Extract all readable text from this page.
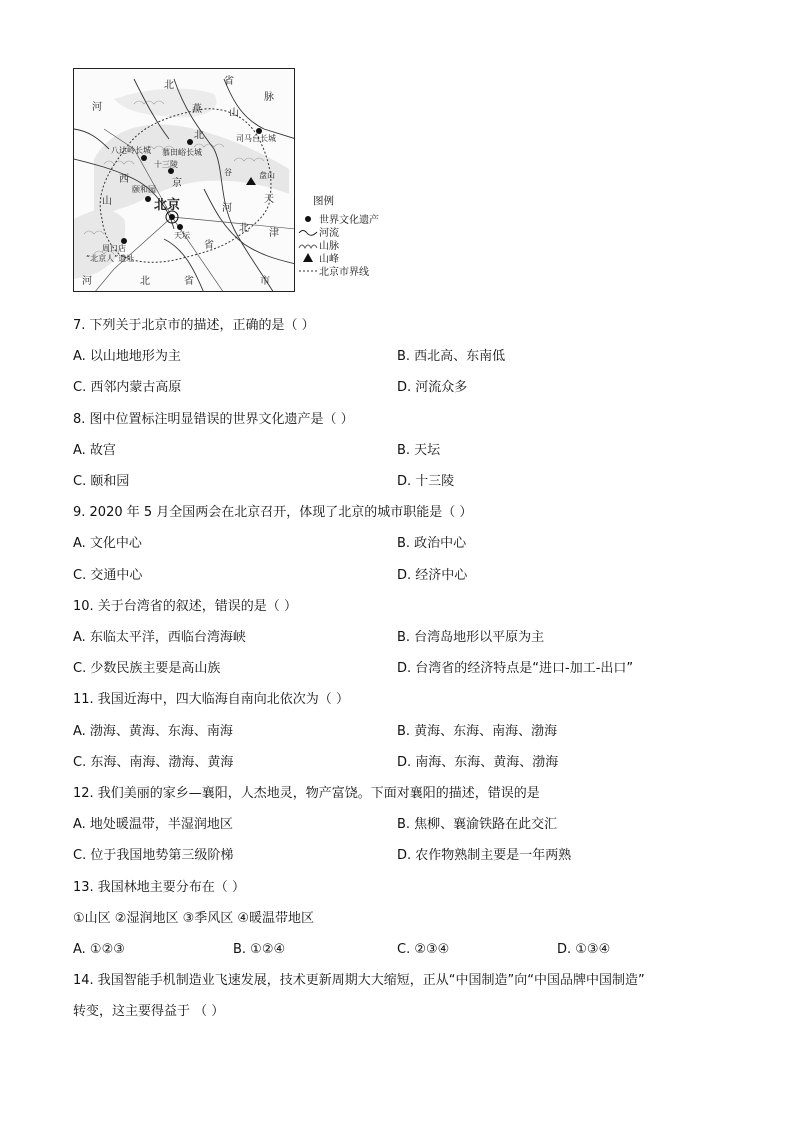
北	省
河	燕	山
脉
八达岭长城 慕田峪长城
司马台长城
北
十三陵
西
颐和园
京
谷	盘山
天
山	北京
天坛
河
周口店
“北京人”遗址
北 津
省
河	北	省	市
图例
世界文化遗产
河流
山脉
山峰
北京市界线
7. 下列关于北京市的描述，正确的是（ ）
A. 以山地地形为主	B. 西北高、东南低
C. 西邻内蒙古高原	D. 河流众多
8. 图中位置标注明显错误的世界文化遗产是（ ）
A. 故宫	B. 天坛
C. 颐和园	D. 十三陵
9. 2020 年 5 月全国两会在北京召开，体现了北京的城市职能是（ ）
A. 文化中心	B. 政治中心
C. 交通中心	D. 经济中心
10. 关于台湾省的叙述，错误的是（ ）
A. 东临太平洋，西临台湾海峡	B. 台湾岛地形以平原为主
C. 少数民族主要是高山族	D. 台湾省的经济特点是“进口-加工-出口”
11. 我国近海中，四大临海自南向北依次为（ ）
A. 渤海、黄海、东海、南海	B. 黄海、东海、南海、渤海
C. 东海、南海、渤海、黄海	D. 南海、东海、黄海、渤海
12. 我们美丽的家乡—襄阳，人杰地灵，物产富饶。下面对襄阳的描述，错误的是
A. 地处暖温带，半湿润地区	B. 焦柳、襄渝铁路在此交汇
C. 位于我国地势第三级阶梯	D. 农作物熟制主要是一年两熟
13. 我国林地主要分布在（ ）
①山区 ②湿润地区 ③季风区 ④暖温带地区
A. ①②③	B. ①②④	C. ②③④	D. ①③④
14. 我国智能手机制造业飞速发展，技术更新周期大大缩短，正从“中国制造”向“中国品牌中国制造”
转变，这主要得益于 （ ）
